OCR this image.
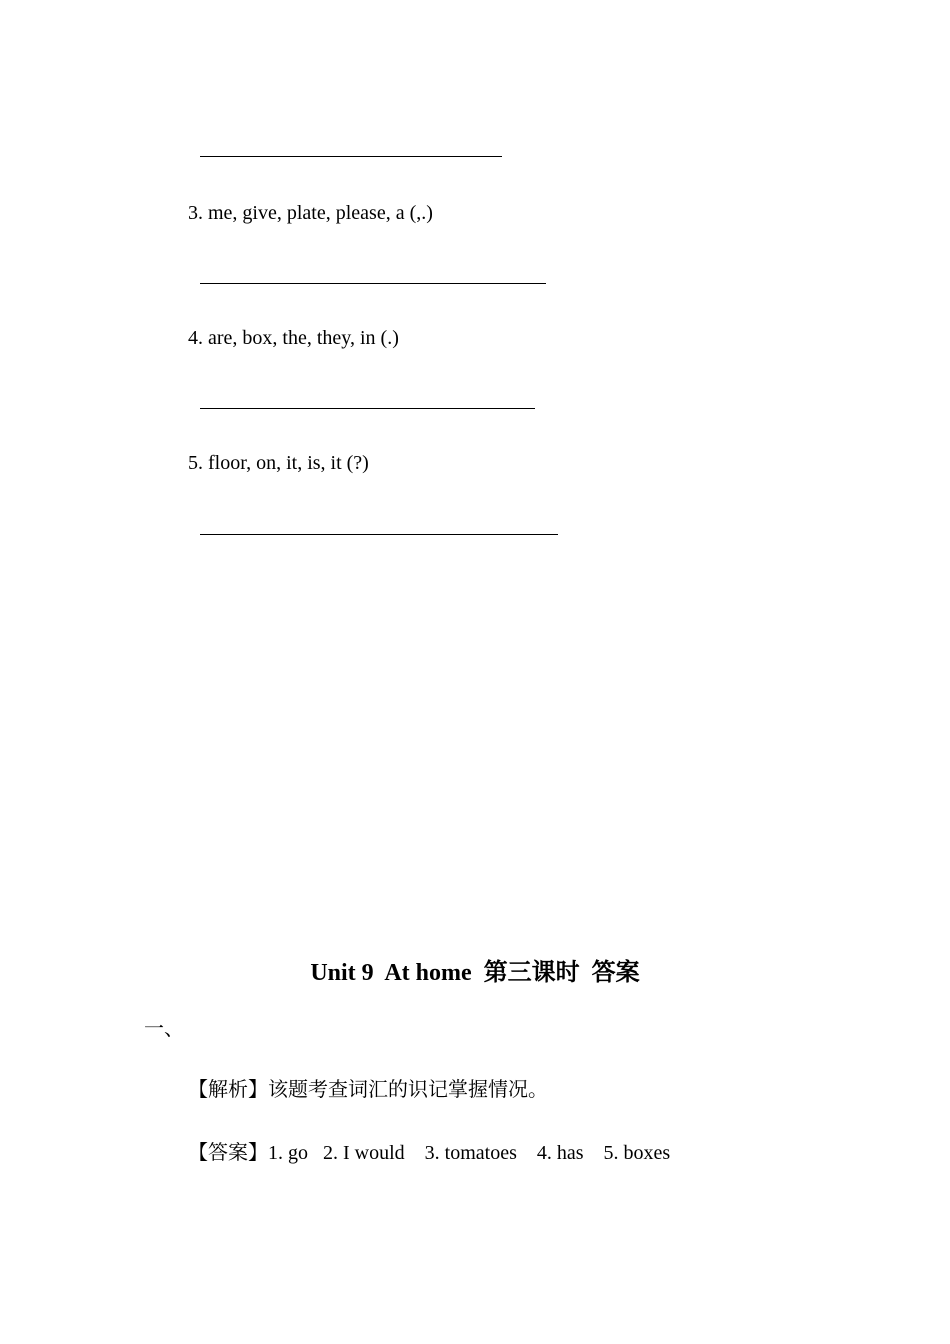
3. me, give, plate, please, a (,.)
4. are, box, the, they, in (.)
5. floor, on, it, is, it (?)
Unit 9  At home  第三课时  答案
一、
【解析】该题考查词汇的识记掌握情况。
【答案】1. go   2. I would    3. tomatoes    4. has    5. boxes
